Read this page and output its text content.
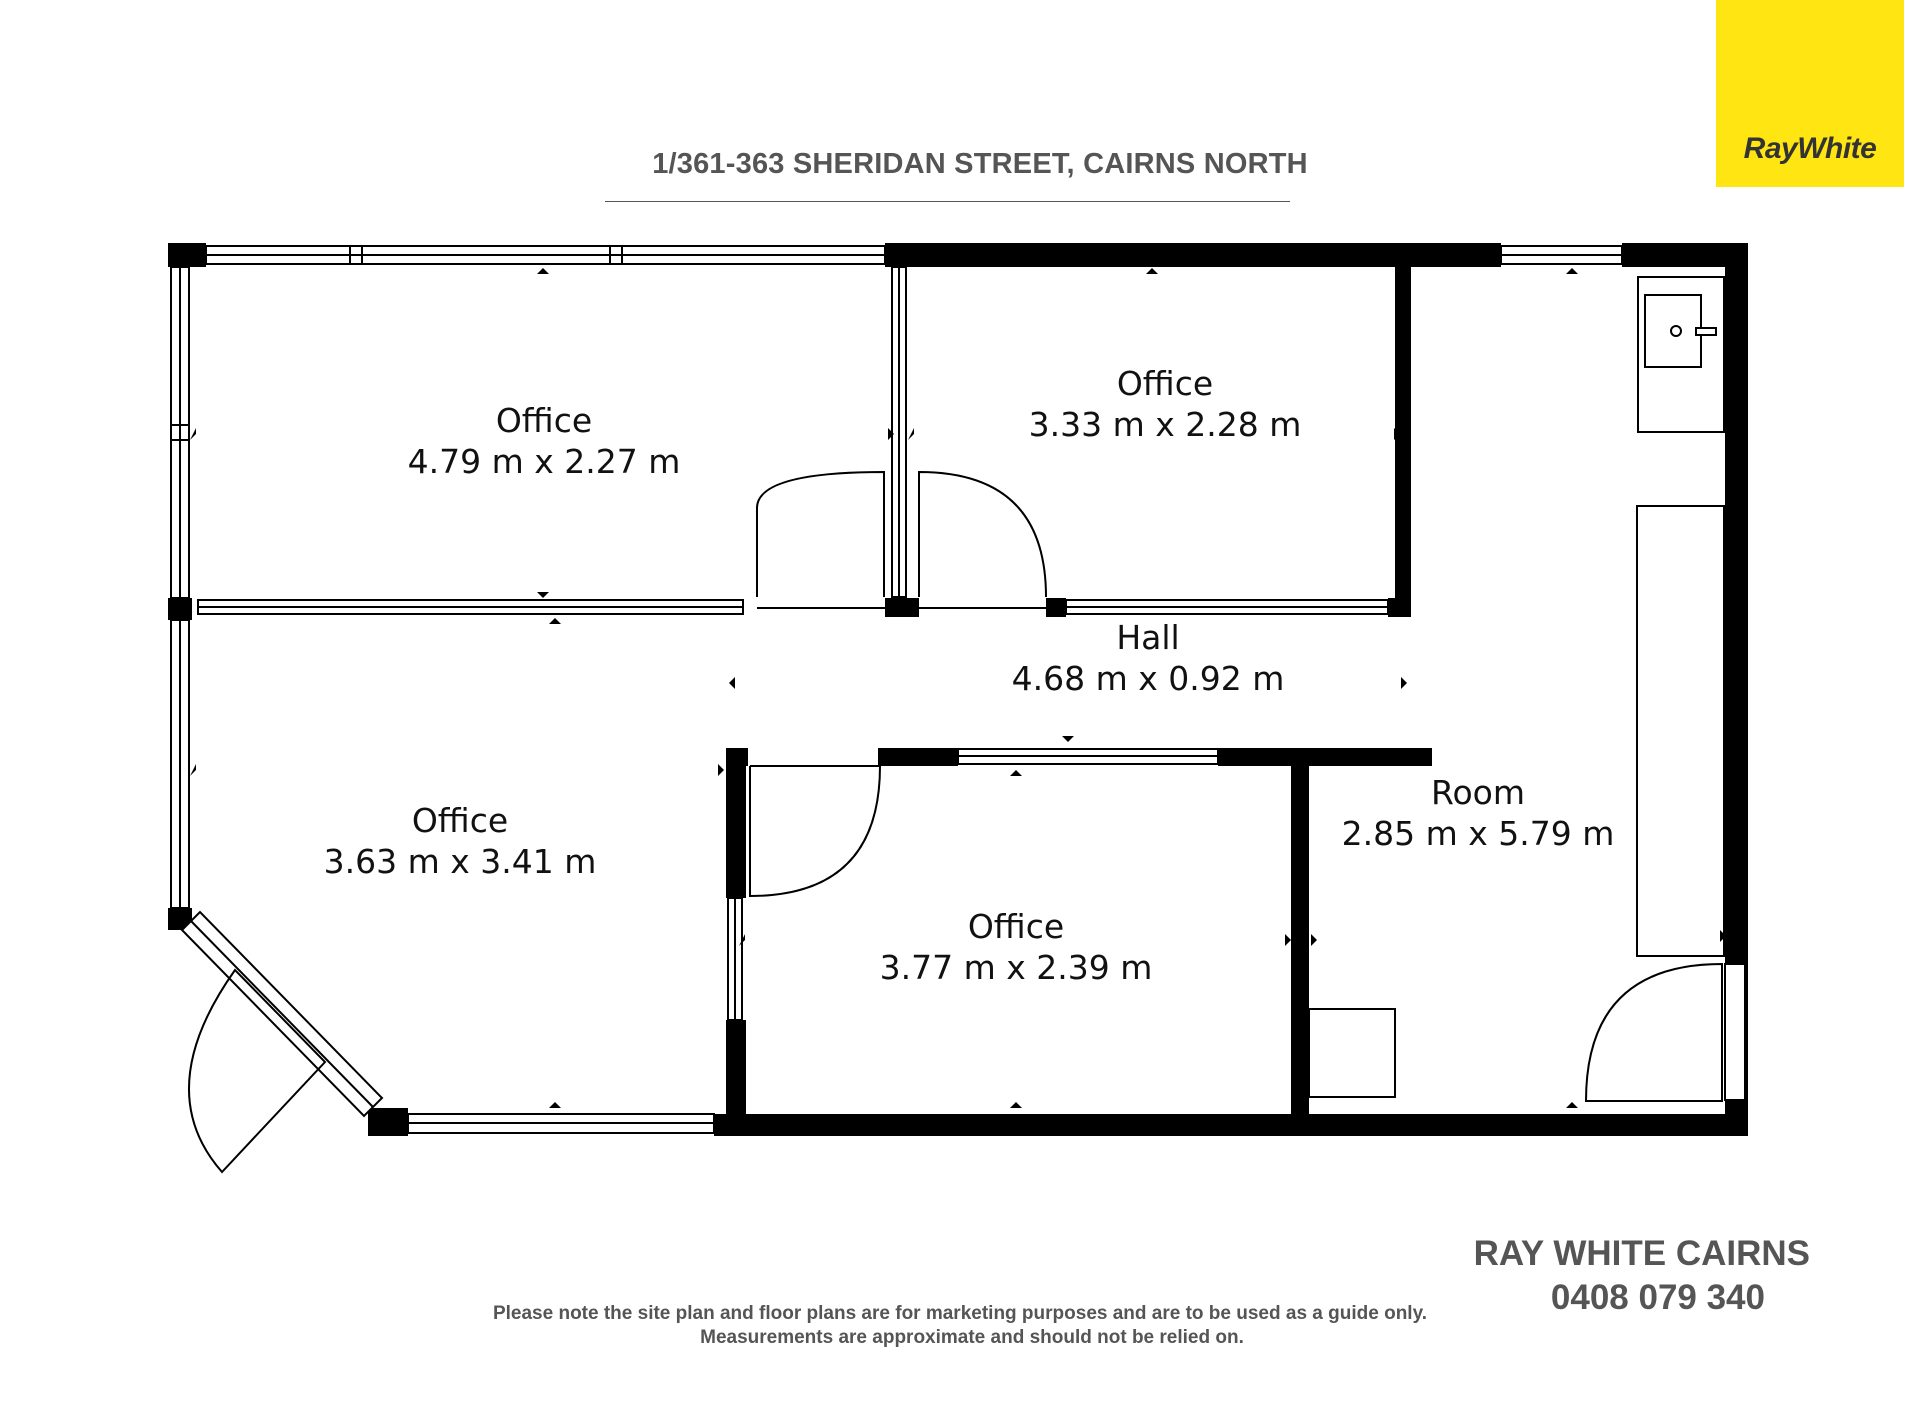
1/361-363 SHERIDAN STREET, CAIRNS NORTH	RayWhite
Office
4.79 m x 2.27 m
Office
3.33 m x 2.28 m
Hall
4.68 m x 0.92 m
Office
3.63 m x 3.41 m
Office
3.77 m x 2.39 m
Room
2.85 m x 5.79 m
RAY WHITE CAIRNS
0408 079 340
Please note the site plan and floor plans are for marketing purposes and are to be used as a guide only.
Measurements are approximate and should not be relied on.
